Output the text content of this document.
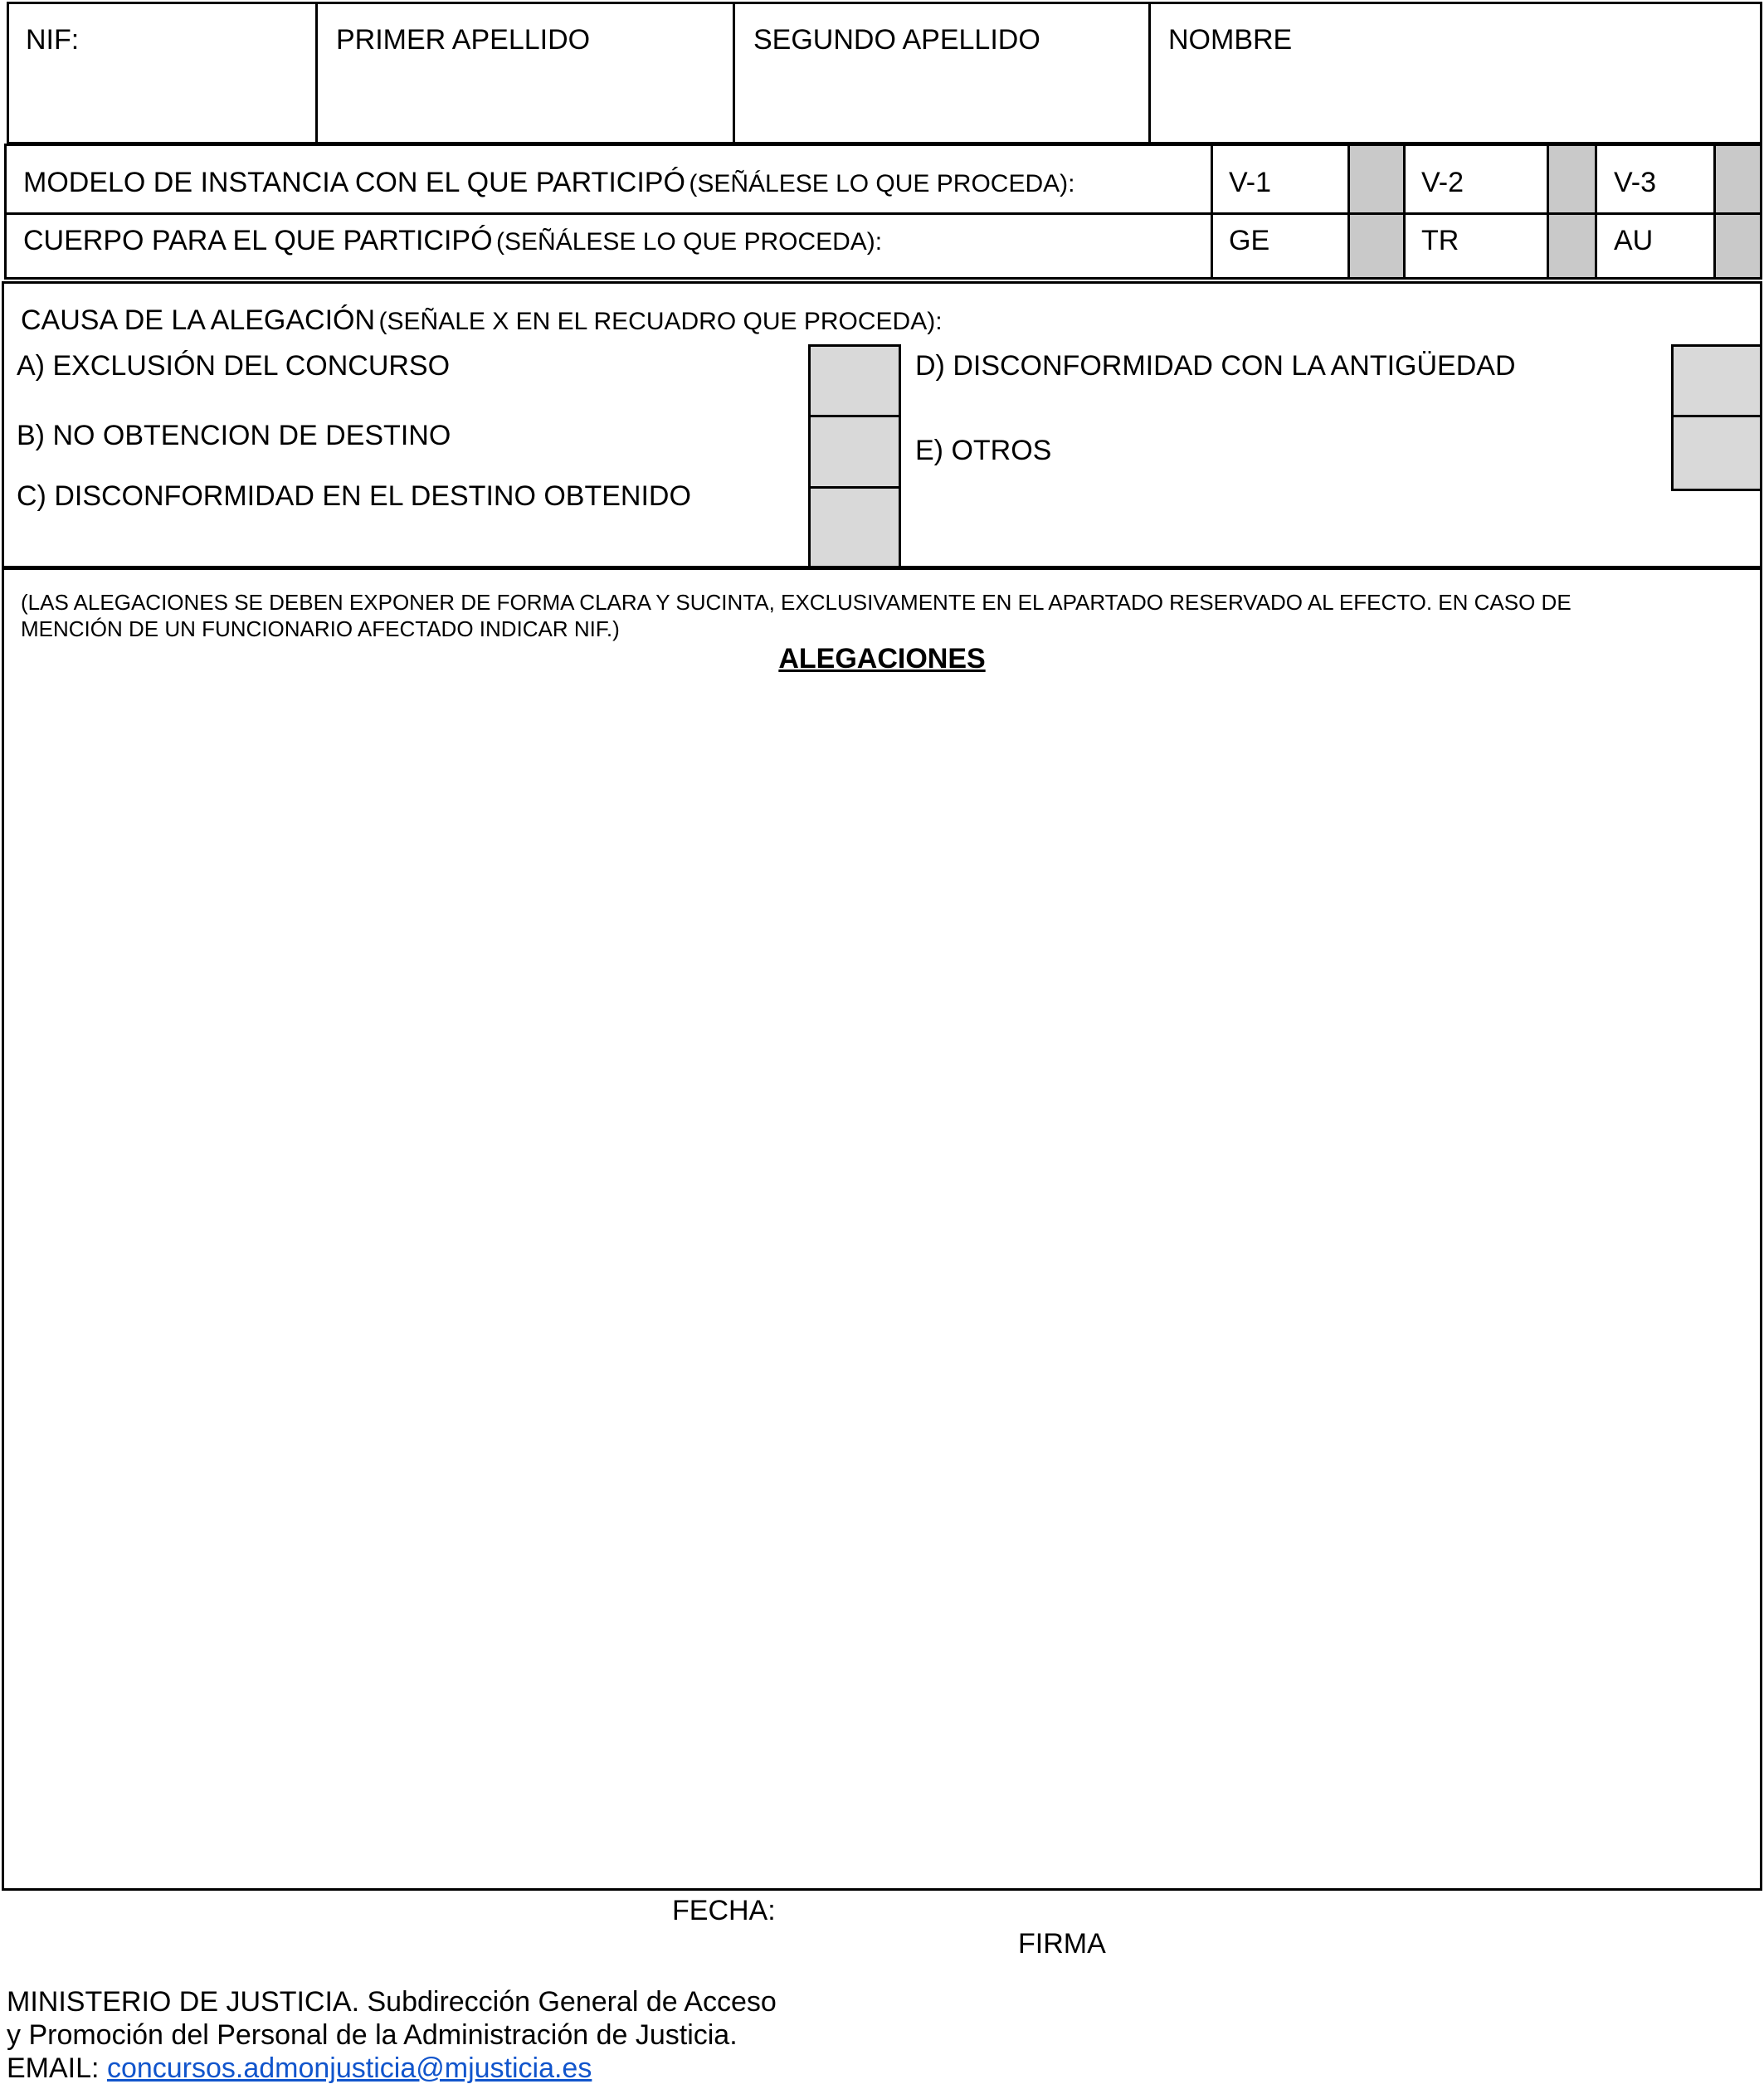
NIF:	PRIMER APELLIDO	SEGUNDO APELLIDO	NOMBRE
MODELO DE INSTANCIA CON EL QUE PARTICIPÓ (SEÑÁLESE LO QUE PROCEDA):	V-1	V-2	V-3
CUERPO PARA EL QUE PARTICIPÓ (SEÑÁLESE LO QUE PROCEDA):	GE	TR	AU
CAUSA DE LA ALEGACIÓN (SEÑALE X EN EL RECUADRO QUE PROCEDA):
A) EXCLUSIÓN DEL CONCURSO
B) NO OBTENCION DE DESTINO
C) DISCONFORMIDAD EN EL DESTINO OBTENIDO
D) DISCONFORMIDAD CON LA ANTIGÜEDAD
E) OTROS
(LAS ALEGACIONES SE DEBEN EXPONER DE FORMA CLARA Y SUCINTA, EXCLUSIVAMENTE EN EL APARTADO RESERVADO AL EFECTO. EN CASO DE
MENCIÓN DE UN FUNCIONARIO AFECTADO INDICAR NIF.)
ALEGACIONES
FECHA:
FIRMA
MINISTERIO DE JUSTICIA. Subdirección General de Acceso
y Promoción del Personal de la Administración de Justicia.
EMAIL: concursos.admonjusticia@mjusticia.es
